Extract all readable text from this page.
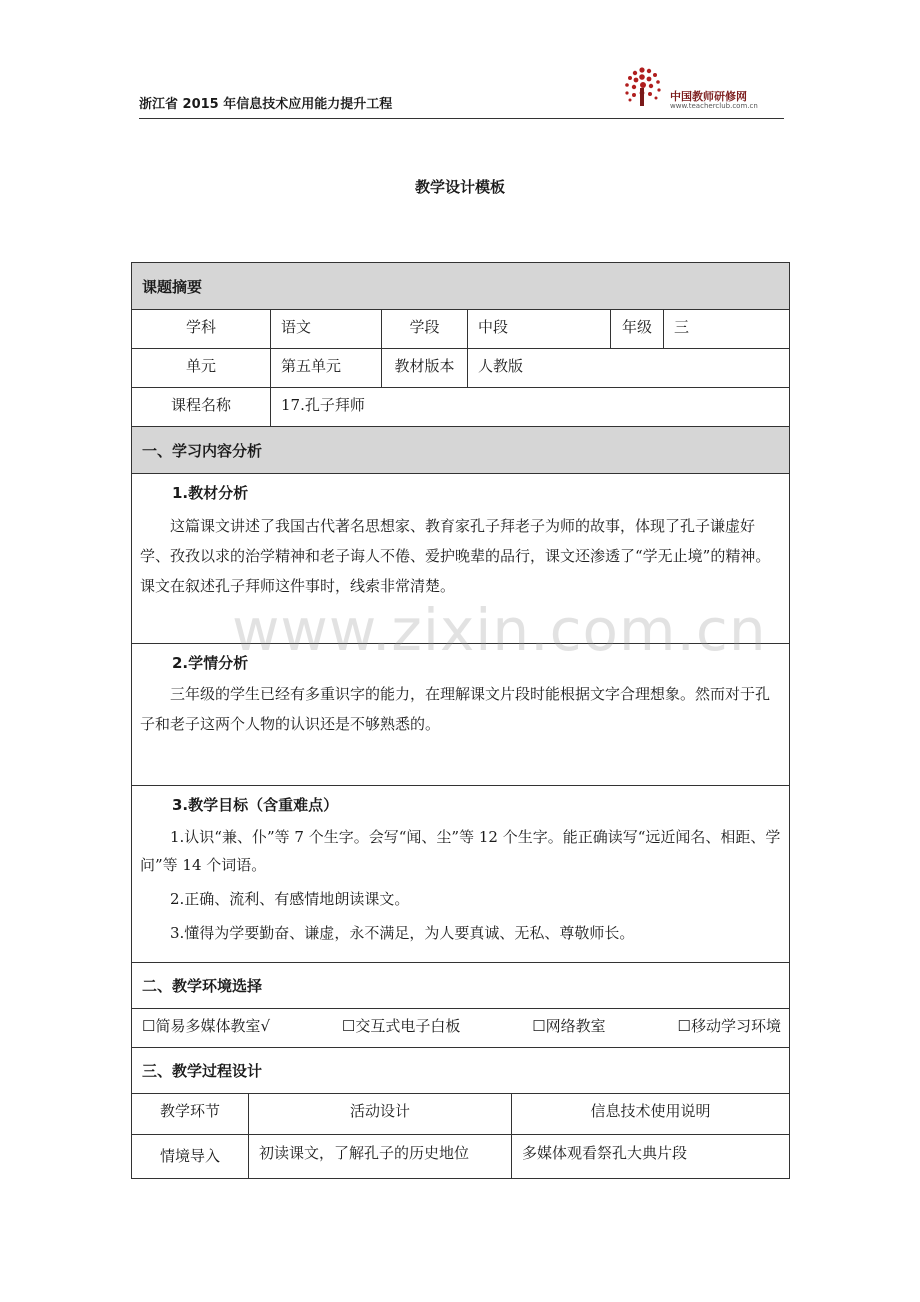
浙江省 2015 年信息技术应用能力提升工程
中国教师研修网
www.teacherclub.com.cn
教学设计模板
课题摘要					
学科	语文	学段	中段	年级	三
单元	第五单元	教材版本	人教版		
课程名称	17.孔子拜师				
一、学习内容分析					

1.教材分析

这篇课文讲述了我国古代著名思想家、教育家孔子拜老子为师的故事，体现了孔子谦虚好学、孜孜以求的治学精神和老子诲人不倦、爱护晚辈的品行，课文还渗透了“学无止境”的精神。课文在叙述孔子拜师这件事时，线索非常清楚。					

2.学情分析

三年级的学生已经有多重识字的能力，在理解课文片段时能根据文字合理想象。然而对于孔子和老子这两个人物的认识还是不够熟悉的。					

3.教学目标（含重难点）

1.认识“兼、仆”等 7 个生字。会写“闻、尘”等 12 个生字。能正确读写“远近闻名、相距、学问”等 14 个词语。

2.正确、流利、有感情地朗读课文。

3.懂得为学要勤奋、谦虚，永不满足，为人要真诚、无私、尊敬师长。					

二、教学环境选择					

☐简易多媒体教室√ ☐交互式电子白板 ☐网络教室 ☐移动学习环境					

三、教学过程设计					
教学环节	活动设计	信息技术使用说明
情境导入	初读课文，了解孔子的历史地位	多媒体观看祭孔大典片段
www.zixin.com.cn
